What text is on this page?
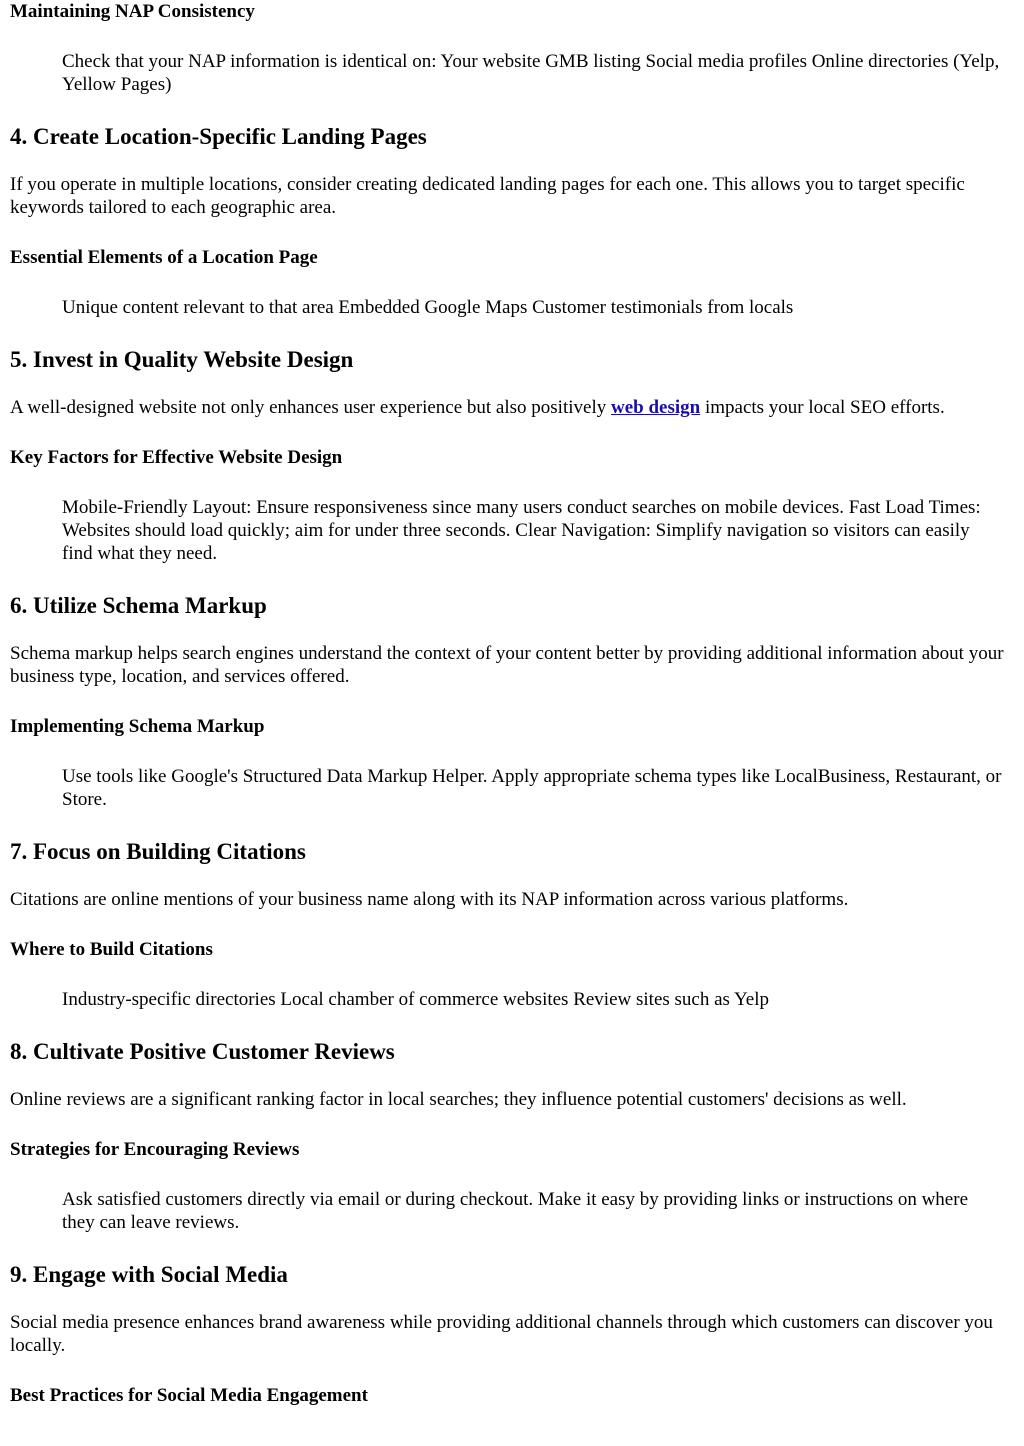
Maintaining NAP Consistency
Check that your NAP information is identical on: Your website GMB listing Social media profiles Online directories (Yelp, Yellow Pages)
4. Create Location-Specific Landing Pages

If you operate in multiple locations, consider creating dedicated landing pages for each one. This allows you to target specific keywords tailored to each geographic area.

Essential Elements of a Location Page
Unique content relevant to that area Embedded Google Maps Customer testimonials from locals
5. Invest in Quality Website Design

A well-designed website not only enhances user experience but also positively web design impacts your local SEO efforts.

Key Factors for Effective Website Design
Mobile-Friendly Layout: Ensure responsiveness since many users conduct searches on mobile devices. Fast Load Times: Websites should load quickly; aim for under three seconds. Clear Navigation: Simplify navigation so visitors can easily find what they need.
6. Utilize Schema Markup

Schema markup helps search engines understand the context of your content better by providing additional information about your business type, location, and services offered.

Implementing Schema Markup
Use tools like Google's Structured Data Markup Helper. Apply appropriate schema types like LocalBusiness, Restaurant, or Store.
7. Focus on Building Citations

Citations are online mentions of your business name along with its NAP information across various platforms.

Where to Build Citations
Industry-specific directories Local chamber of commerce websites Review sites such as Yelp
8. Cultivate Positive Customer Reviews

Online reviews are a significant ranking factor in local searches; they influence potential customers' decisions as well.

Strategies for Encouraging Reviews
Ask satisfied customers directly via email or during checkout. Make it easy by providing links or instructions on where they can leave reviews.
9. Engage with Social Media

Social media presence enhances brand awareness while providing additional channels through which customers can discover you locally.

Best Practices for Social Media Engagement
